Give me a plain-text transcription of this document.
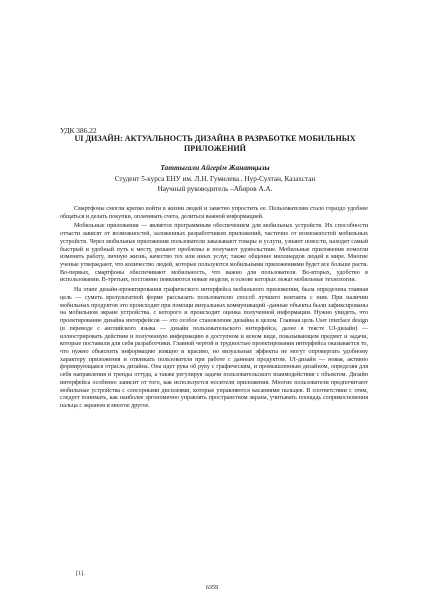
УДК 386.22
UI ДИЗАЙН: АКТУАЛЬНОСТЬ ДИЗАЙНА В РАЗРАБОТКЕ МОБИЛЬНЫХ ПРИЛОЖЕНИЙ
Таттыгали Айгерім Жанатқызы
Студент 5-курса ЕНУ им. Л.Н. Гумилева , Нур-Султан, Казахстан
Научный руководитель –Абиров А.А.

Смартфоны смогли крепко войти в жизни людей и заметно упростить ее. Пользователям стало гораздо удобнее общаться и делать покупки, оплачивать счета, делиться важной информацией.

Мобильные приложения — является программным обеспечением для мобильных устройств. Их способности отчасти зависят от возможностей, заложенных разработчиком приложений, частично от возможностей мобильных устройств. Через мобильные приложения пользователи заказывают товары и услуги, узнают новости, находят самый быстрый и удобный путь к месту, решают проблемы и получают удовольствие. Мобильные приложения помогли изменить работу, личную жизнь, качество тех или иных услуг, также общение миллиардов людей в мире. Многие ученые утверждают, что количество людей, которые пользуются мобильными приложениями будет все больше расти. Во-первых, смартфоны обеспечивают мобильность, что важно для пользователя. Во-вторых, удобство в использовании. В-третьих, постоянно появляются новые модели, в основе которых лежат мобильные технологии.

На этапе дизайн-проектирования графического интерфейса мобильного приложения, была определена главная цель — суметь врезультатной форме рассказать пользователю способ лучшего контакта с ним. При наличии мобильных продуктов это происходит при помощи визуальных коммуникаций -данные объекты были зафиксированы на мобильном экране устройства, с которого и происходит оценка полученной информации. Нужно увидеть, что проектирование дизайна интерфейсов — это особое становление дизайна в целом. Главная цель User interface design (в переводе с английского языка — дизайн пользовательского интерфейса, далее в тексте UI-дизайн) — иллюстрировать действия и полученную информацию в доступном и ясном виде, показывающем предмет и задачи, которые поставили для себя разработчики. Главной чертой и трудностью проектирования интерфейса оказывается то, что нужно объяснить информацию изящно и красиво, но визуальные эффекты не могут опровергать удобному характеру приложения и отвлекать пользователя при работе с данным продуктом. UI-дизайн — новая, активно формирующаяся отрасль дизайна. Она идет рука об руку с графическим, и промышленным дизайном, определяя для себя направления и тренды оттуда, а также регулируя задачи пользовательского взаимодействия с объектом. Дизайн интерфейса особенно зависит от того, как используется носители приложения. Многие пользователи предпочитают мобильные устройства с сенсорными дисплеями, которые управляются касаниями пальцев. В соответствии с этим, следует понимать, как наиболее эргономично управлять пространством экрана, учитывать площадь соприкосновения пальца с экраном и многое другое.

[1].
6359
